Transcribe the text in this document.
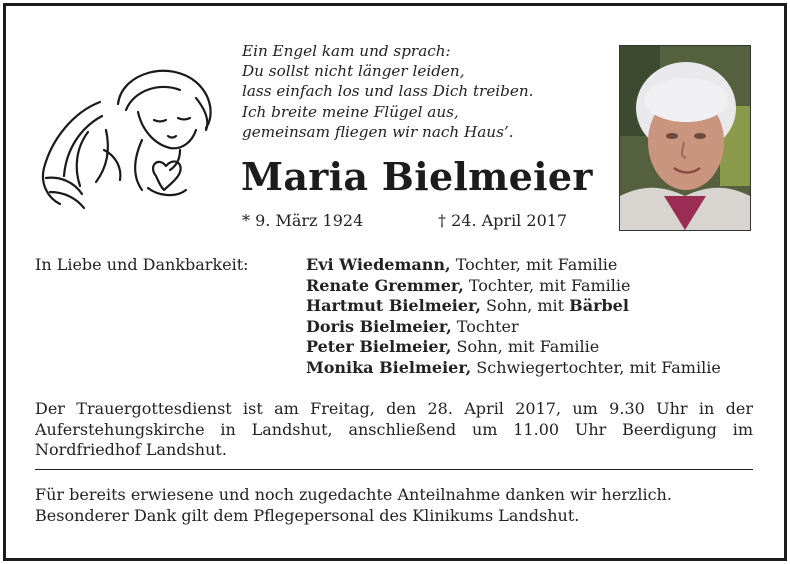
Ein Engel kam und sprach:
Du sollst nicht länger leiden,
lass einfach los und lass Dich treiben.
Ich breite meine Flügel aus,
gemeinsam fliegen wir nach Haus’.
Maria Bielmeier
* 9. März 1924	† 24. April 2017
In Liebe und Dankbarkeit:	Evi Wiedemann, Tochter, mit Familie
Renate Gremmer, Tochter, mit Familie
Hartmut Bielmeier, Sohn, mit Bärbel
Doris Bielmeier, Tochter
Peter Bielmeier, Sohn, mit Familie
Monika Bielmeier, Schwiegertochter, mit Familie
Der Trauergottesdienst ist am Freitag, den 28. April 2017, um 9.30 Uhr in der Auferstehungskirche in Landshut, anschließend um 11.00 Uhr Beerdigung im Nordfriedhof Landshut.
Für bereits erwiesene und noch zugedachte Anteilnahme danken wir herzlich.
Besonderer Dank gilt dem Pflegepersonal des Klinikums Landshut.
